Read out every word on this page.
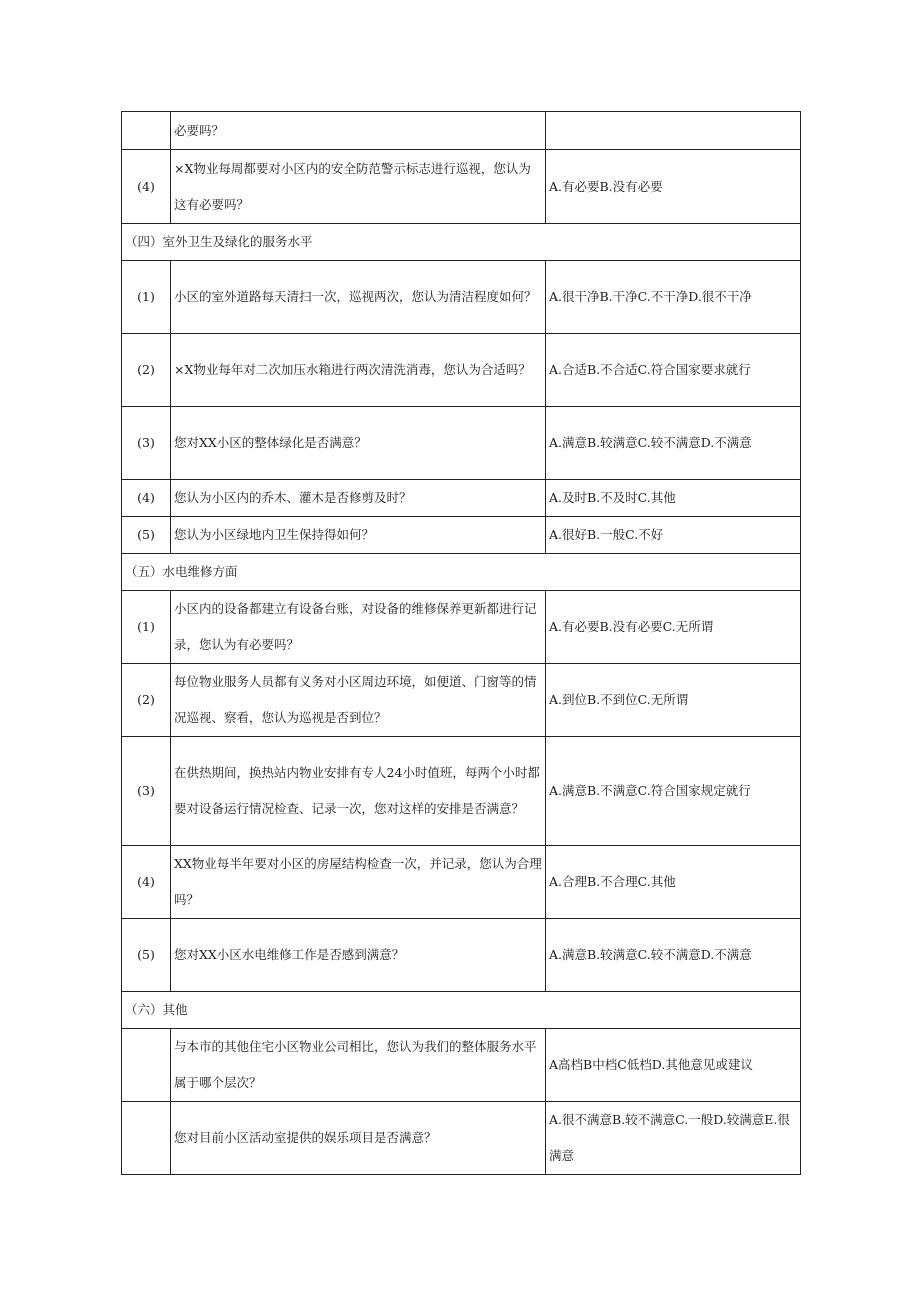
	必要吗？	
(4)	×X物业每周都要对小区内的安全防范警示标志进行巡视，您认为这有必要吗？	A.有必要B.没有必要
（四）室外卫生及绿化的服务水平		
(1)	小区的室外道路每天清扫一次，巡视两次，您认为清洁程度如何？	A.很干净B.干净C.不干净D.很不干净
(2)	×X物业每年对二次加压水箱进行两次清洗消毒，您认为合适吗？	A.合适B.不合适C.符合国家要求就行
(3)	您对XX小区的整体绿化是否满意？	A.满意B.较满意C.较不满意D.不满意
(4)	您认为小区内的乔木、灌木是否修剪及时？	A.及时B.不及时C.其他
(5)	您认为小区绿地内卫生保持得如何？	A.很好B.一般C.不好
（五）水电维修方面		
(1)	小区内的设备都建立有设备台账，对设备的维修保养更新都进行记录，您认为有必要吗？	A.有必要B.没有必要C.无所谓
(2)	每位物业服务人员都有义务对小区周边环境，如便道、门窗等的情况巡视、察看，您认为巡视是否到位？	A.到位B.不到位C.无所谓
(3)	在供热期间，换热站内物业安排有专人24小时值班，每两个小时都要对设备运行情况检查、记录一次，您对这样的安排是否满意？	A.满意B.不满意C.符合国家规定就行
(4)	XX物业每半年要对小区的房屋结构检查一次，并记录，您认为合理吗？	A.合理B.不合理C.其他
(5)	您对XX小区水电维修工作是否感到满意？	A.满意B.较满意C.较不满意D.不满意
（六）其他		
	与本市的其他住宅小区物业公司相比，您认为我们的整体服务水平属于哪个层次？	A高档B中档C低档D.其他意见或建议
	您对目前小区活动室提供的娱乐项目是否满意？	A.很不满意B.较不满意C.一般D.较满意E.很满意
